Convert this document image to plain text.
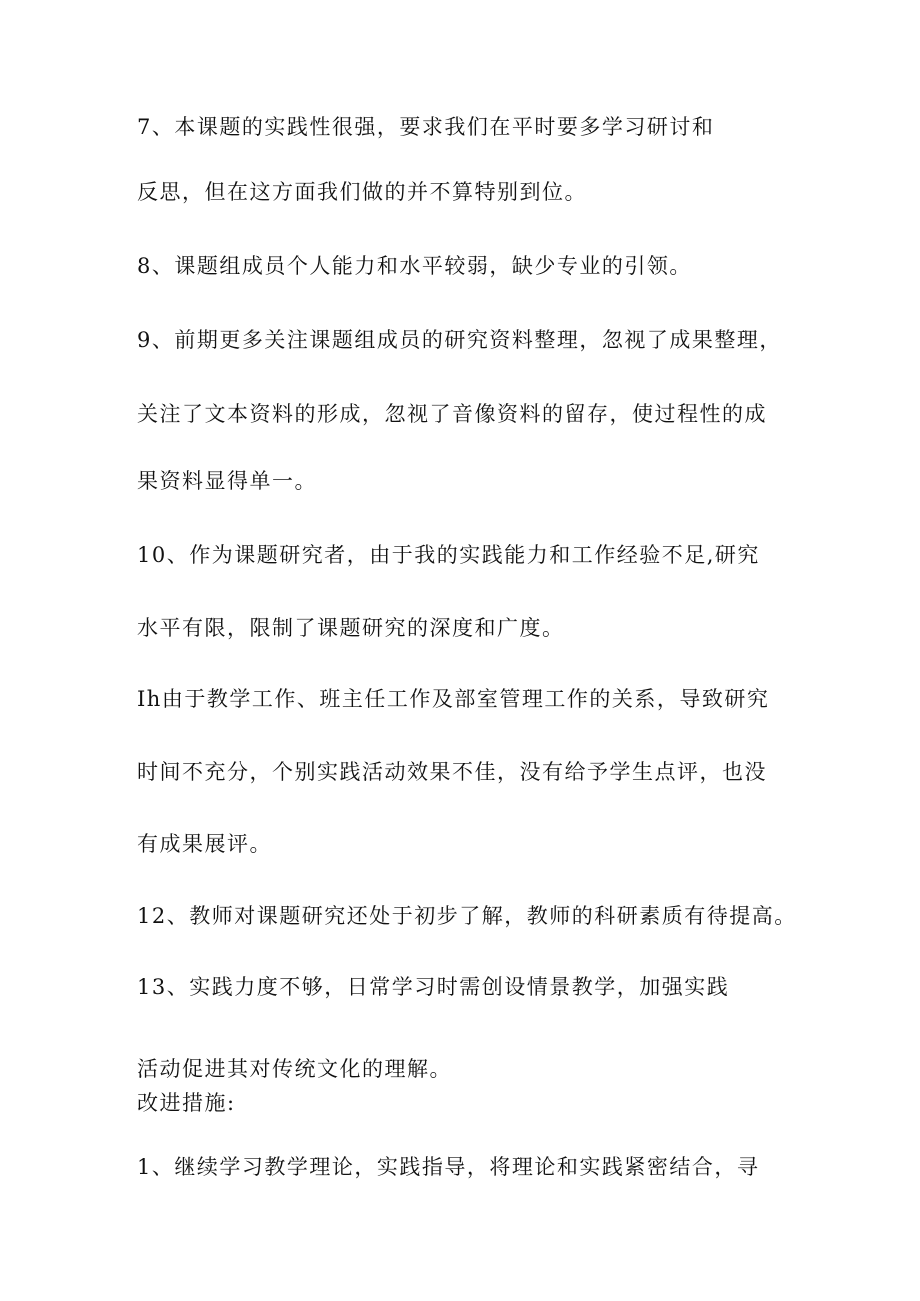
7、本课题的实践性很强，要求我们在平时要多学习研讨和

反思，但在这方面我们做的并不算特别到位。

8、课题组成员个人能力和水平较弱，缺少专业的引领。

9、前期更多关注课题组成员的研究资料整理，忽视了成果整理，

关注了文本资料的形成，忽视了音像资料的留存，使过程性的成

果资料显得单一。

10、作为课题研究者，由于我的实践能力和工作经验不足,研究

水平有限，限制了课题研究的深度和广度。

Ih由于教学工作、班主任工作及部室管理工作的关系，导致研究

时间不充分，个别实践活动效果不佳，没有给予学生点评，也没

有成果展评。

12、教师对课题研究还处于初步了解，教师的科研素质有待提高。

13、实践力度不够，日常学习时需创设情景教学，加强实践

活动促进其对传统文化的理解。

改进措施:

1、继续学习教学理论，实践指导，将理论和实践紧密结合，寻
